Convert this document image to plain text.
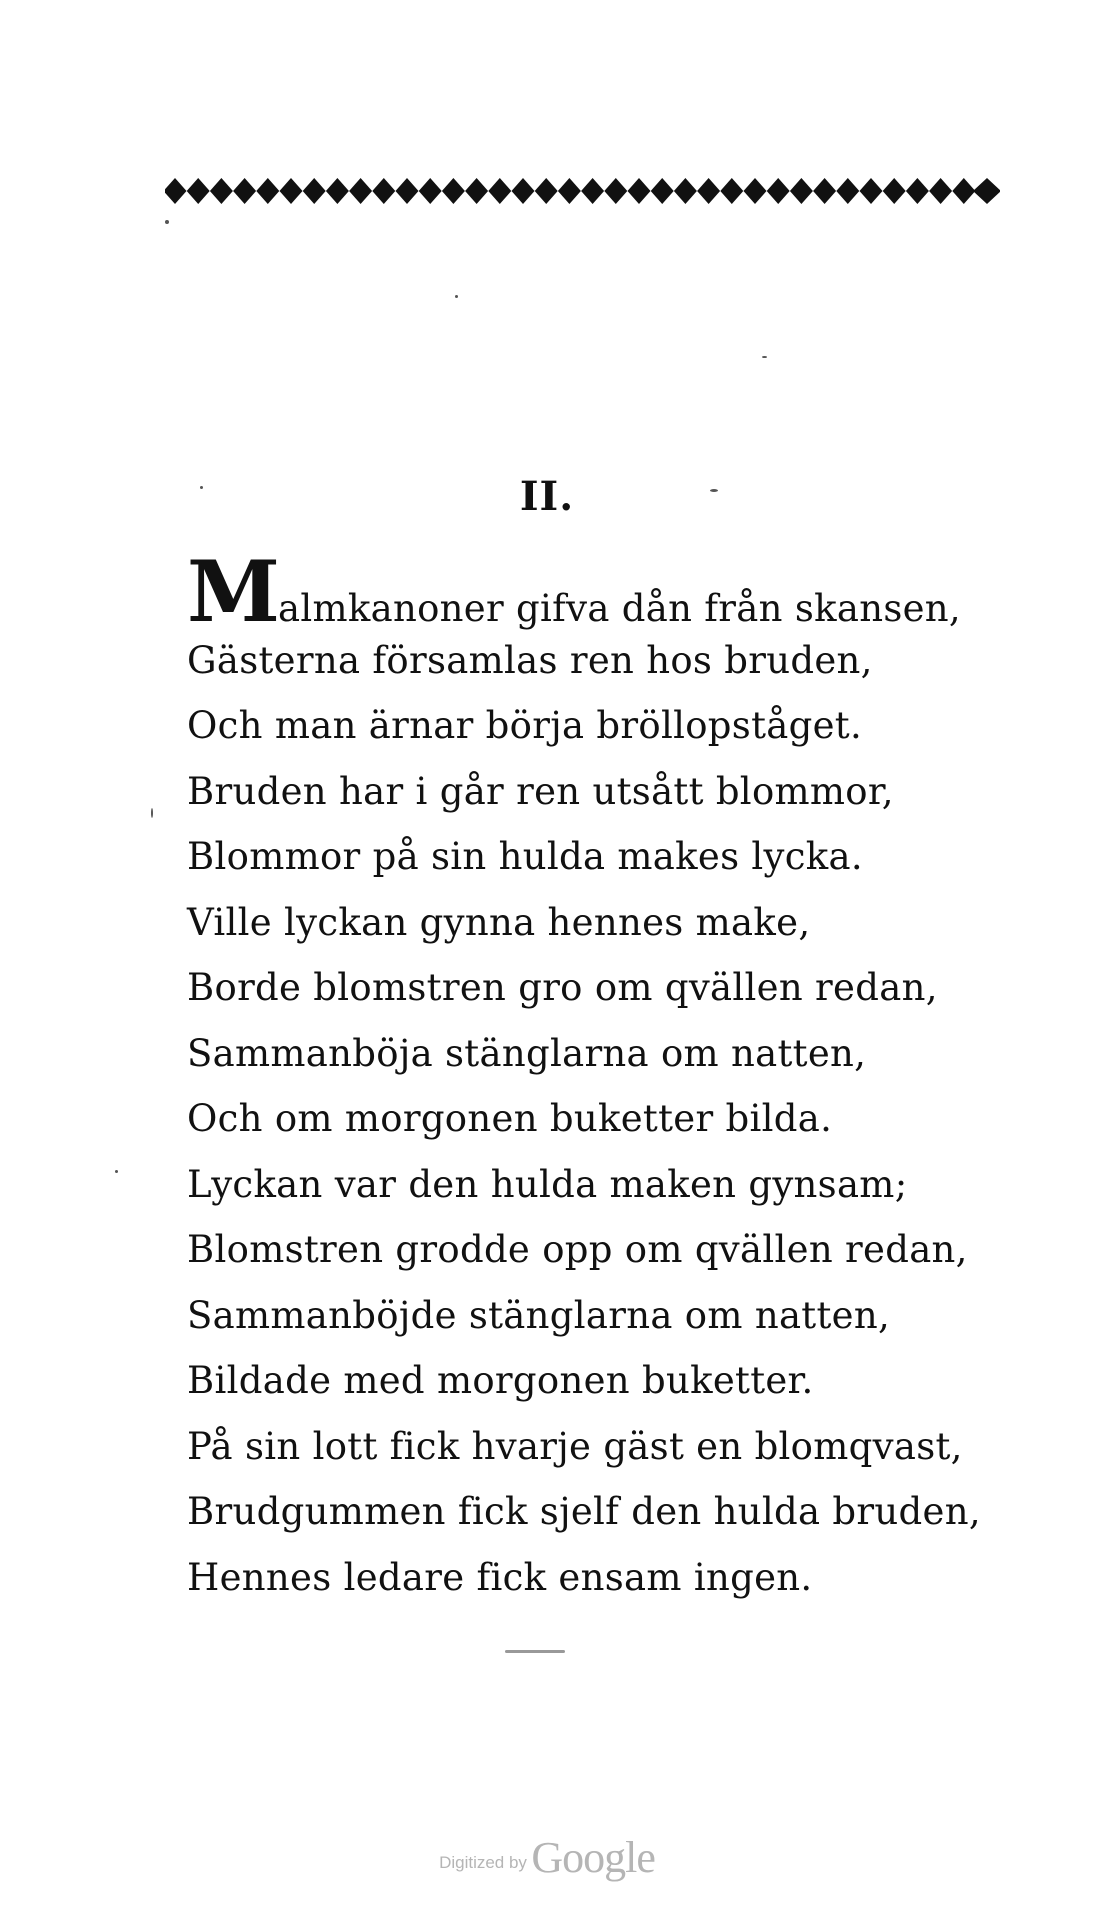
II.
Malmkanoner gifva dån från skansen,
Gästerna församlas ren hos bruden,
Och man ärnar börja bröllopståget.
Bruden har i går ren utsått blommor,
Blommor på sin hulda makes lycka.
Ville lyckan gynna hennes make,
Borde blomstren gro om qvällen redan,
Sammanböja stänglarna om natten,
Och om morgonen buketter bilda.
Lyckan var den hulda maken gynsam;
Blomstren grodde opp om qvällen redan,
Sammanböjde stänglarna om natten,
Bildade med morgonen buketter.
På sin lott fick hvarje gäst en blomqvast,
Brudgummen fick sjelf den hulda bruden,
Hennes ledare fick ensam ingen.
Digitized by Google
